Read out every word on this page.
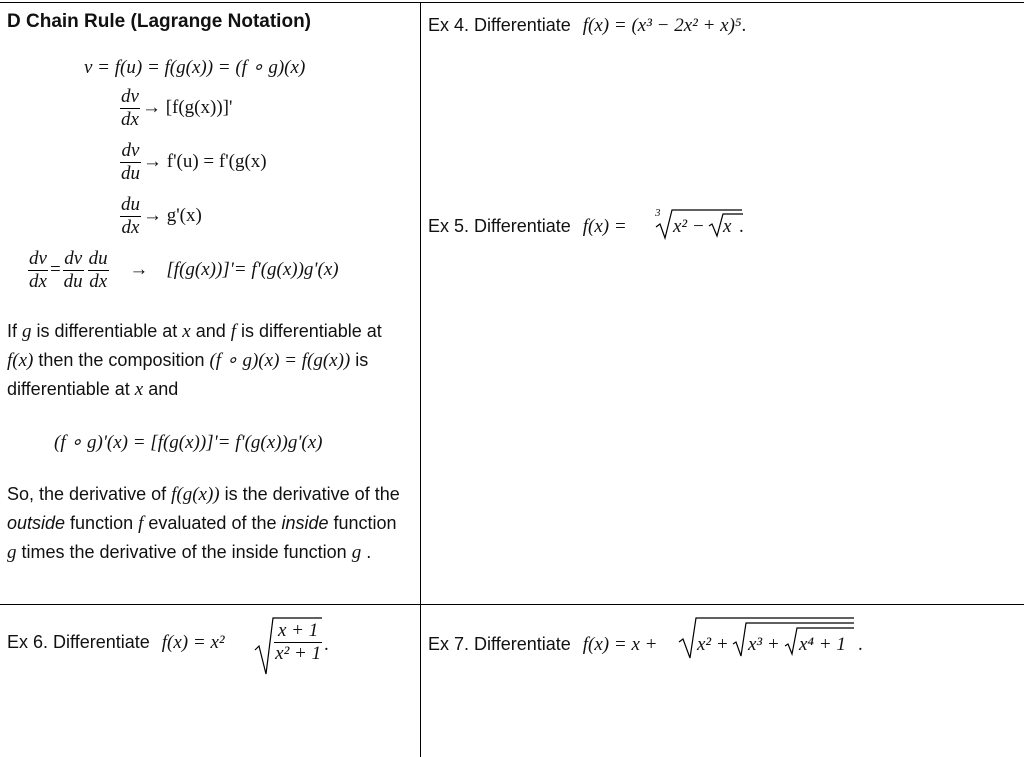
D Chain Rule (Lagrange Notation)
v = f(u) = f(g(x)) = (f ∘ g)(x)
$\frac{dv}{dx} \to [f(g(x))]'$
$\frac{dv}{du} \to f'(u) = f'(g(x)$
$\frac{du}{dx} \to g'(x)$
$\frac{dv}{dx} = \frac{dv}{du} \frac{du}{dx} \to [f(g(x))]'= f'(g(x))g'(x)$
If g is differentiable at x and f is differentiable at f(x) then the composition (f ∘ g)(x) = f(g(x)) is differentiable at x and
(f ∘ g)'(x) = [f(g(x))]'= f'(g(x))g'(x)
So, the derivative of f(g(x)) is the derivative of the outside function f evaluated of the inside function g times the derivative of the inside function g .
Ex 4. Differentiate f(x) = (x³ − 2x² + x)⁵.
Ex 5. Differentiate f(x) =
3
x² − x .
Ex 6. Differentiate f(x) = x²	$\frac{x + 1}{\text{x² + 1}}$ .	Ex 7. Differentiate f(x) = x + x² + x³ + x⁴ + 1 .
